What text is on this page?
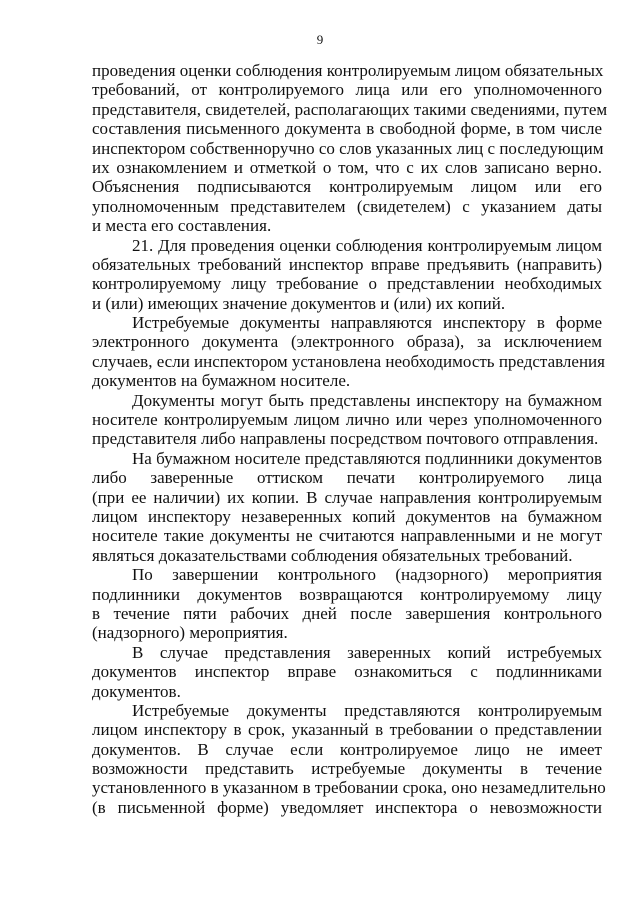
9
проведения оценки соблюдения контролируемым лицом обязательных
требований, от контролируемого лица или его уполномоченного
представителя, свидетелей, располагающих такими сведениями, путем
составления письменного документа в свободной форме, в том числе
инспектором собственноручно со слов указанных лиц с последующим
их ознакомлением и отметкой о том, что с их слов записано верно.
Объяснения подписываются контролируемым лицом или его
уполномоченным представителем (свидетелем) с указанием даты
и места его составления.
21. Для проведения оценки соблюдения контролируемым лицом
обязательных требований инспектор вправе предъявить (направить)
контролируемому лицу требование о представлении необходимых
и (или) имеющих значение документов и (или) их копий.
Истребуемые документы направляются инспектору в форме
электронного документа (электронного образа), за исключением
случаев, если инспектором установлена необходимость представления
документов на бумажном носителе.
Документы могут быть представлены инспектору на бумажном
носителе контролируемым лицом лично или через уполномоченного
представителя либо направлены посредством почтового отправления.
На бумажном носителе представляются подлинники документов
либо заверенные оттиском печати контролируемого лица
(при ее наличии) их копии. В случае направления контролируемым
лицом инспектору незаверенных копий документов на бумажном
носителе такие документы не считаются направленными и не могут
являться доказательствами соблюдения обязательных требований.
По завершении контрольного (надзорного) мероприятия
подлинники документов возвращаются контролируемому лицу
в течение пяти рабочих дней после завершения контрольного
(надзорного) мероприятия.
В случае представления заверенных копий истребуемых
документов инспектор вправе ознакомиться с подлинниками
документов.
Истребуемые документы представляются контролируемым
лицом инспектору в срок, указанный в требовании о представлении
документов. В случае если контролируемое лицо не имеет
возможности представить истребуемые документы в течение
установленного в указанном в требовании срока, оно незамедлительно
(в письменной форме) уведомляет инспектора о невозможности
